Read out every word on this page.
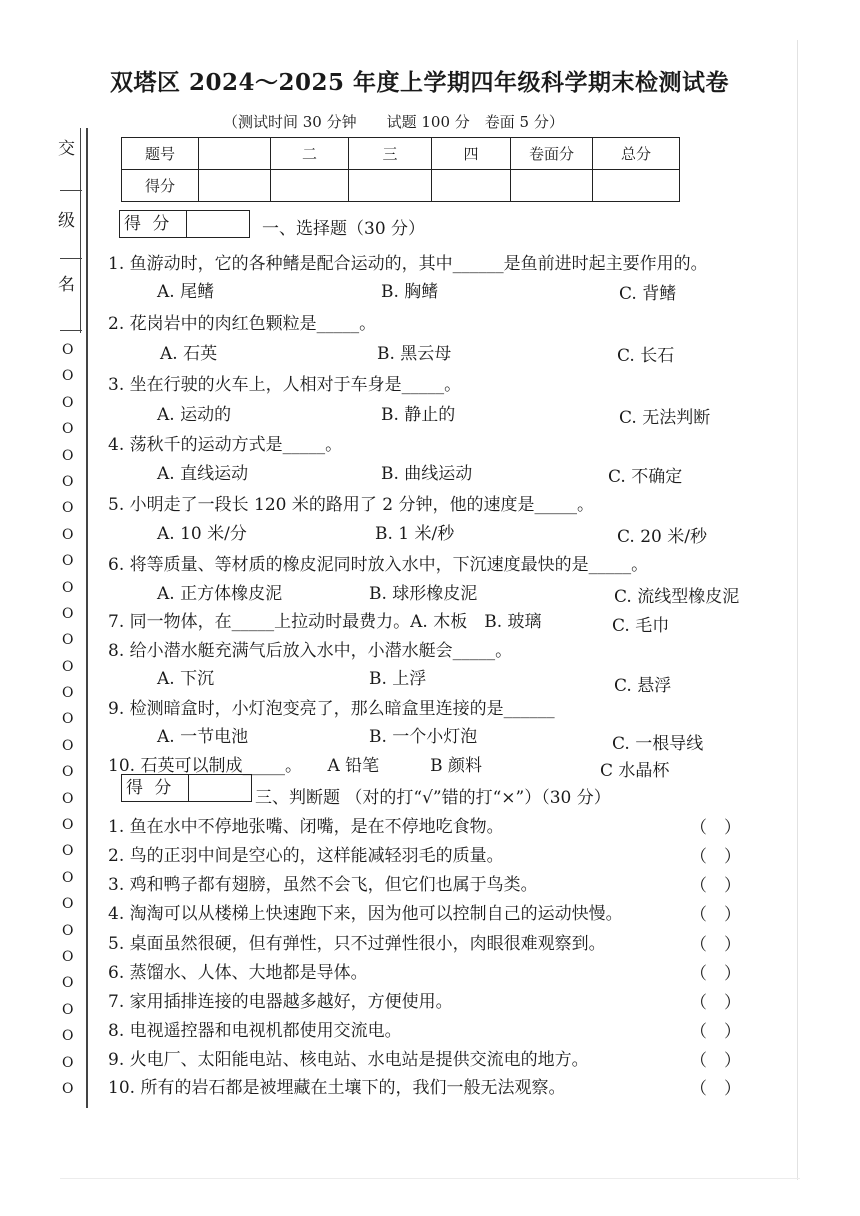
交
级
名
O
O
O
O
O
O
O
O
O
O
O
O
O
O
O
O
O
O
O
O
O
O
O
O
O
O
O
O
O
双塔区 2024～2025 年度上学期四年级科学期末检测试卷
（测试时间 30 分钟　　试题 100 分　卷面 5 分）
题号		二	三	四	卷面分	总分
得分						
得 分	一、选择题（30 分）
1. 鱼游动时，它的各种鳍是配合运动的，其中______是鱼前进时起主要作用的。
A. 尾鳍	B. 胸鳍	C. 背鳍
2. 花岗岩中的肉红色颗粒是_____。
A. 石英	B. 黑云母	C. 长石
3. 坐在行驶的火车上，人相对于车身是_____。
A. 运动的	B. 静止的	C. 无法判断
4. 荡秋千的运动方式是_____。
A. 直线运动	B. 曲线运动	C. 不确定
5. 小明走了一段长 120 米的路用了 2 分钟，他的速度是_____。
A. 10 米/分	B. 1 米/秒	C. 20 米/秒
6. 将等质量、等材质的橡皮泥同时放入水中，下沉速度最快的是_____。
A. 正方体橡皮泥	B. 球形橡皮泥	C. 流线型橡皮泥
7. 同一物体，在_____上拉动时最费力。A. 木板　B. 玻璃	C. 毛巾
8. 给小潜水艇充满气后放入水中，小潜水艇会_____。
A. 下沉	B. 上浮	C. 悬浮
9. 检测暗盒时，小灯泡变亮了，那么暗盒里连接的是______
A. 一节电池	B. 一个小灯泡	C. 一根导线
10. 石英可以制成_____。　　A 铅笔　　　B 颜料	C 水晶杯
得 分	三、判断题 （对的打“√”错的打“×”）（30 分）
1. 鱼在水中不停地张嘴、闭嘴，是在不停地吃食物。	（　）
2. 鸟的正羽中间是空心的，这样能减轻羽毛的质量。	（　）
3. 鸡和鸭子都有翅膀，虽然不会飞，但它们也属于鸟类。	（　）
4. 淘淘可以从楼梯上快速跑下来，因为他可以控制自己的运动快慢。	（　）
5. 桌面虽然很硬，但有弹性，只不过弹性很小，肉眼很难观察到。	（　）
6. 蒸馏水、人体、大地都是导体。	（　）
7. 家用插排连接的电器越多越好，方便使用。	（　）
8. 电视遥控器和电视机都使用交流电。	（　）
9. 火电厂、太阳能电站、核电站、水电站是提供交流电的地方。	（　）
10. 所有的岩石都是被埋藏在土壤下的，我们一般无法观察。	（　）
